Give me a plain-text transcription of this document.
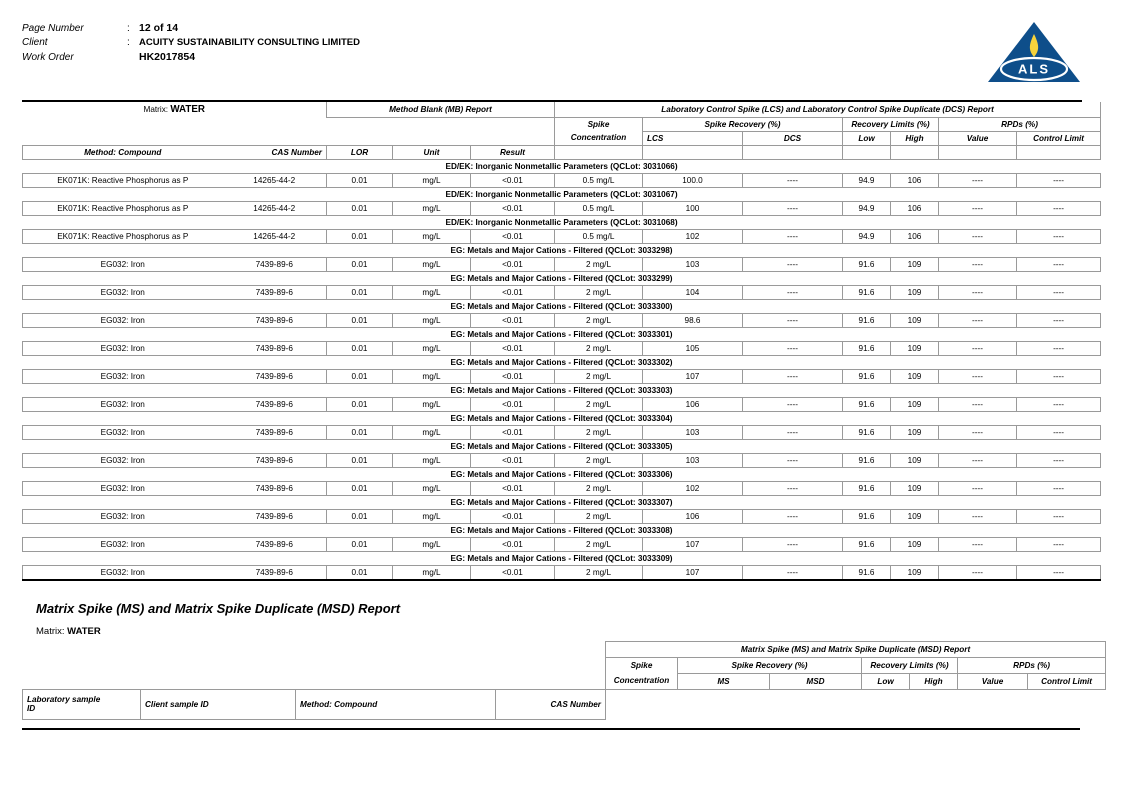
Page Number	:	12 of 14
Client	:	ACUITY SUSTAINABILITY CONSULTING LIMITED
Work Order		HK2017854
ALS
Matrix: WATER		Method Blank (MB) Report			Laboratory Control Spike (LCS) and Laboratory Control Spike Duplicate (DCS) Report						
					Spike	Spike Recovery (%)		Recovery Limits (%)		RPDs (%)	
					Concentration	LCS	DCS	Low	High	Value	Control Limit
Method: Compound	CAS Number	LOR	Unit	Result							
ED/EK: Inorganic Nonmetallic Parameters (QCLot: 3031066)											
EK071K: Reactive Phosphorus as P	14265-44-2	0.01	mg/L	<0.01	0.5 mg/L	100.0	----	94.9	106	----	----
ED/EK: Inorganic Nonmetallic Parameters (QCLot: 3031067)											
EK071K: Reactive Phosphorus as P	14265-44-2	0.01	mg/L	<0.01	0.5 mg/L	100	----	94.9	106	----	----
ED/EK: Inorganic Nonmetallic Parameters (QCLot: 3031068)											
EK071K: Reactive Phosphorus as P	14265-44-2	0.01	mg/L	<0.01	0.5 mg/L	102	----	94.9	106	----	----
EG: Metals and Major Cations - Filtered (QCLot: 3033298)											
EG032: Iron	7439-89-6	0.01	mg/L	<0.01	2 mg/L	103	----	91.6	109	----	----
EG: Metals and Major Cations - Filtered (QCLot: 3033299)											
EG032: Iron	7439-89-6	0.01	mg/L	<0.01	2 mg/L	104	----	91.6	109	----	----
EG: Metals and Major Cations - Filtered (QCLot: 3033300)											
EG032: Iron	7439-89-6	0.01	mg/L	<0.01	2 mg/L	98.6	----	91.6	109	----	----
EG: Metals and Major Cations - Filtered (QCLot: 3033301)											
EG032: Iron	7439-89-6	0.01	mg/L	<0.01	2 mg/L	105	----	91.6	109	----	----
EG: Metals and Major Cations - Filtered (QCLot: 3033302)											
EG032: Iron	7439-89-6	0.01	mg/L	<0.01	2 mg/L	107	----	91.6	109	----	----
EG: Metals and Major Cations - Filtered (QCLot: 3033303)											
EG032: Iron	7439-89-6	0.01	mg/L	<0.01	2 mg/L	106	----	91.6	109	----	----
EG: Metals and Major Cations - Filtered (QCLot: 3033304)											
EG032: Iron	7439-89-6	0.01	mg/L	<0.01	2 mg/L	103	----	91.6	109	----	----
EG: Metals and Major Cations - Filtered (QCLot: 3033305)											
EG032: Iron	7439-89-6	0.01	mg/L	<0.01	2 mg/L	103	----	91.6	109	----	----
EG: Metals and Major Cations - Filtered (QCLot: 3033306)											
EG032: Iron	7439-89-6	0.01	mg/L	<0.01	2 mg/L	102	----	91.6	109	----	----
EG: Metals and Major Cations - Filtered (QCLot: 3033307)											
EG032: Iron	7439-89-6	0.01	mg/L	<0.01	2 mg/L	106	----	91.6	109	----	----
EG: Metals and Major Cations - Filtered (QCLot: 3033308)											
EG032: Iron	7439-89-6	0.01	mg/L	<0.01	2 mg/L	107	----	91.6	109	----	----
EG: Metals and Major Cations - Filtered (QCLot: 3033309)											
EG032: Iron	7439-89-6	0.01	mg/L	<0.01	2 mg/L	107	----	91.6	109	----	----
Matrix Spike (MS) and Matrix Spike Duplicate (MSD) Report
Matrix: WATER
				Matrix Spike (MS) and Matrix Spike Duplicate (MSD) Report						
				Spike	Spike Recovery (%)		Recovery Limits (%)		RPDs (%)	
				Concentration	MS	MSD	Low	High	Value	Control Limit
Laboratory sample
ID	Client sample ID	Method: Compound	CAS Number							
